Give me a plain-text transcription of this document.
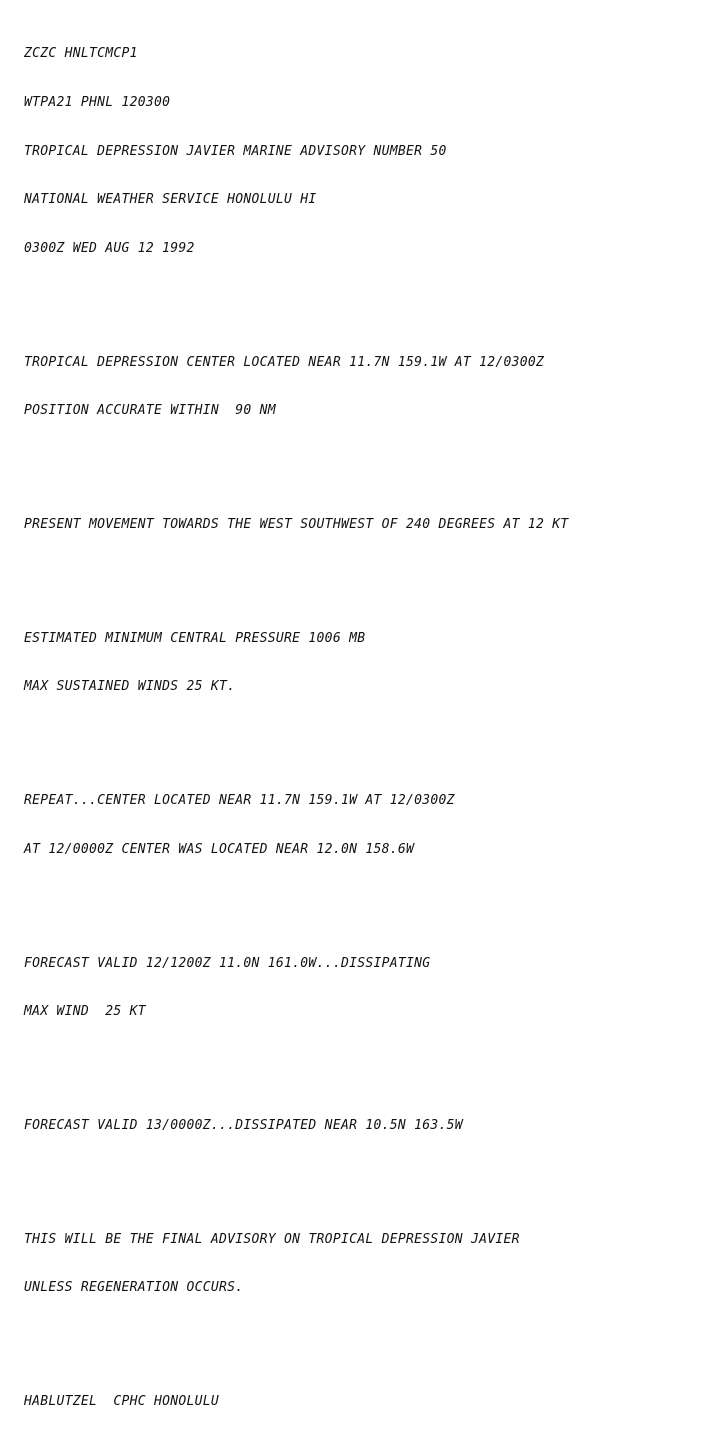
ZCZC HNLTCMCP1

WTPA21 PHNL 120300

TROPICAL DEPRESSION JAVIER MARINE ADVISORY NUMBER 50

NATIONAL WEATHER SERVICE HONOLULU HI

0300Z WED AUG 12 1992

TROPICAL DEPRESSION CENTER LOCATED NEAR 11.7N 159.1W AT 12/0300Z

POSITION ACCURATE WITHIN  90 NM

PRESENT MOVEMENT TOWARDS THE WEST SOUTHWEST OF 240 DEGREES AT 12 KT

ESTIMATED MINIMUM CENTRAL PRESSURE 1006 MB

MAX SUSTAINED WINDS 25 KT.

REPEAT...CENTER LOCATED NEAR 11.7N 159.1W AT 12/0300Z

AT 12/0000Z CENTER WAS LOCATED NEAR 12.0N 158.6W

FORECAST VALID 12/1200Z 11.0N 161.0W...DISSIPATING

MAX WIND  25 KT

FORECAST VALID 13/0000Z...DISSIPATED NEAR 10.5N 163.5W

THIS WILL BE THE FINAL ADVISORY ON TROPICAL DEPRESSION JAVIER

UNLESS REGENERATION OCCURS.

HABLUTZEL  CPHC HONOLULU
